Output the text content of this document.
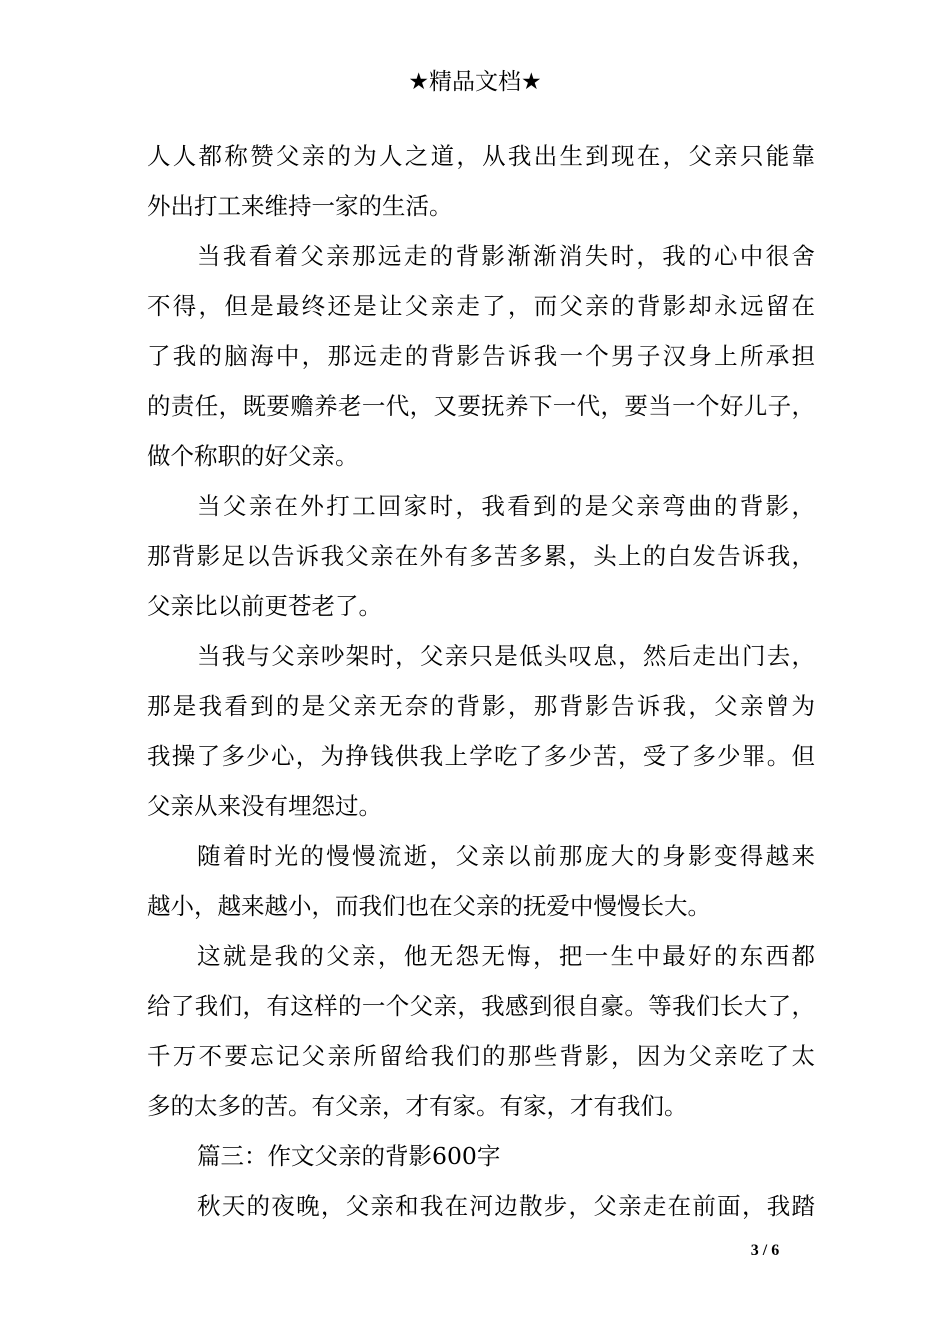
★精品文档★
人人都称赞父亲的为人之道，从我出生到现在，父亲只能靠
外出打工来维持一家的生活。
当我看着父亲那远走的背影渐渐消失时，我的心中很舍
不得，但是最终还是让父亲走了，而父亲的背影却永远留在
了我的脑海中，那远走的背影告诉我一个男子汉身上所承担
的责任，既要赡养老一代，又要抚养下一代，要当一个好儿子，
做个称职的好父亲。
当父亲在外打工回家时，我看到的是父亲弯曲的背影，
那背影足以告诉我父亲在外有多苦多累，头上的白发告诉我，
父亲比以前更苍老了。
当我与父亲吵架时，父亲只是低头叹息，然后走出门去，
那是我看到的是父亲无奈的背影，那背影告诉我，父亲曾为
我操了多少心，为挣钱供我上学吃了多少苦，受了多少罪。但
父亲从来没有埋怨过。
随着时光的慢慢流逝，父亲以前那庞大的身影变得越来
越小，越来越小，而我们也在父亲的抚爱中慢慢长大。
这就是我的父亲，他无怨无悔，把一生中最好的东西都
给了我们，有这样的一个父亲，我感到很自豪。等我们长大了，
千万不要忘记父亲所留给我们的那些背影，因为父亲吃了太
多的太多的苦。有父亲，才有家。有家，才有我们。
篇三：作文父亲的背影600字
秋天的夜晚，父亲和我在河边散步，父亲走在前面，我踏
3 / 6
